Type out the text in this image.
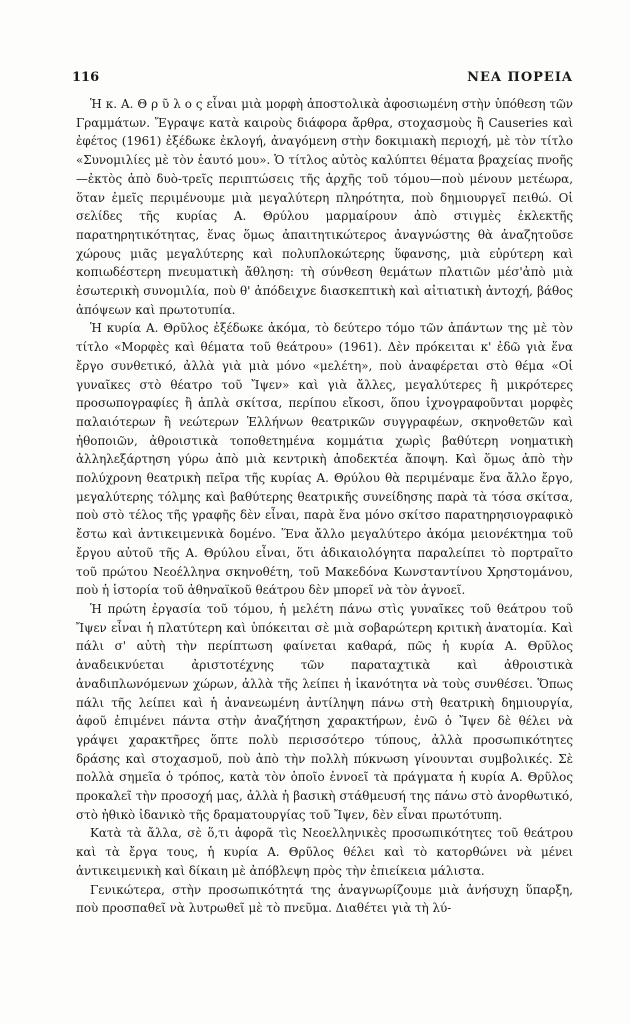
116	ΝΕΑ ΠΟΡΕΙΑ

Ἡ κ. Α. Θ ρ ῦ λ ο ς εἶναι μιὰ μορφὴ ἀποστολικὰ ἀφοσιωμένη στὴν ὑπόθεση τῶν Γραμμάτων. Ἔγραψε κατὰ καιροὺς διάφορα ἄρθρα, στοχασμοὺς ἢ Causeries καὶ ἐφέτος (1961) ἐξέδωκε ἐκλογή, ἀναγόμενη στὴν δοκιμιακὴ περιοχή, μὲ τὸν τίτλο «Συνομιλίες μὲ τὸν ἑαυτό μου». Ὁ τίτλος αὐτὸς καλύπτει θέματα βραχείας πνοῆς—ἐκτὸς ἀπὸ δυὸ-τρεῖς περιπτώσεις τῆς ἀρχῆς τοῦ τόμου—ποὺ μένουν μετέωρα, ὅταν ἐμεῖς περιμένουμε μιὰ μεγαλύτερη πληρότητα, ποὺ δημιουργεῖ πειθώ. Οἱ σελίδες τῆς κυρίας Α. Θρύλου μαρμαίρουν ἀπὸ στιγμὲς ἐκλεκτῆς παρατηρητικότητας, ἕνας ὅμως ἀπαιτητικώτερος ἀναγνώστης θὰ ἀναζητοῦσε χώρους μιᾶς μεγαλύτερης καὶ πολυπλοκώτερης ὕφανσης, μιὰ εὐρύτερη καὶ κοπιωδέστερη πνευματικὴ ἄθληση: τὴ σύνθεση θεμάτων πλατιῶν μέσ'ἀπὸ μιὰ ἐσωτερικὴ συνομιλία, ποὺ θ' ἀπόδειχνε διασκεπτικὴ καὶ αἰτιατικὴ ἀντοχή, βάθος ἀπόψεων καὶ πρωτοτυπία.

Ἡ κυρία Α. Θρῦλος ἐξέδωκε ἀκόμα, τὸ δεύτερο τόμο τῶν ἀπάντων της μὲ τὸν τίτλο «Μορφὲς καὶ θέματα τοῦ θεάτρου» (1961). Δὲν πρόκειται κ' ἐδῶ γιὰ ἕνα ἔργο συνθετικό, ἀλλὰ γιὰ μιὰ μόνο «μελέτη», ποὺ ἀναφέρεται στὸ θέμα «Οἱ γυναῖκες στὸ θέατρο τοῦ Ἴψεν» καὶ γιὰ ἄλλες, μεγαλύτερες ἢ μικρότερες προσωπογραφίες ἢ ἁπλὰ σκίτσα, περίπου εἴκοσι, ὅπου ἰχνογραφοῦνται μορφὲς παλαιότερων ἢ νεώτερων Ἑλλήνων θεατρικῶν συγγραφέων, σκηνοθετῶν καὶ ἠθοποιῶν, ἀθροιστικὰ τοποθετημένα κομμάτια χωρὶς βαθύτερη νοηματικὴ ἀλληλεξάρτηση γύρω ἀπὸ μιὰ κεντρικὴ ἀποδεκτέα ἄποψη. Καὶ ὅμως ἀπὸ τὴν πολύχρονη θεατρικὴ πεῖρα τῆς κυρίας Α. Θρύλου θὰ περιμέναμε ἕνα ἄλλο ἔργο, μεγαλύτερης τόλμης καὶ βαθύτερης θεατρικῆς συνείδησης παρὰ τὰ τόσα σκίτσα, ποὺ στὸ τέλος τῆς γραφῆς δὲν εἶναι, παρὰ ἕνα μόνο σκίτσο παρατηρησιογραφικὸ ἔστω καὶ ἀντικειμενικὰ δομένο. Ἕνα ἄλλο μεγαλύτερο ἀκόμα μειονέκτημα τοῦ ἔργου αὐτοῦ τῆς Α. Θρύλου εἶναι, ὅτι ἀδικαιολόγητα παραλείπει τὸ πορτραῖτο τοῦ πρώτου Νεοέλληνα σκηνοθέτη, τοῦ Μακεδόνα Κωνσταντίνου Χρηστομάνου, ποὺ ἡ ἱστορία τοῦ ἀθηναϊκοῦ θεάτρου δὲν μπορεῖ νὰ τὸν ἀγνοεῖ.

Ἡ πρώτη ἐργασία τοῦ τόμου, ἡ μελέτη πάνω στὶς γυναῖκες τοῦ θεάτρου τοῦ Ἴψεν εἶναι ἡ πλατύτερη καὶ ὑπόκειται σὲ μιὰ σοβαρώτερη κριτικὴ ἀνατομία. Καὶ πάλι σ' αὐτὴ τὴν περίπτωση φαίνεται καθαρά, πῶς ἡ κυρία Α. Θρῦλος ἀναδεικνύεται ἀριστοτέχνης τῶν παραταχτικὰ καὶ ἀθροιστικὰ ἀναδιπλωνόμενων χώρων, ἀλλὰ τῆς λείπει ἡ ἱκανότητα νὰ τοὺς συνθέσει. Ὅπως πάλι τῆς λείπει καὶ ἡ ἀνανεωμένη ἀντίληψη πάνω στὴ θεατρικὴ δημιουργία, ἀφοῦ ἐπιμένει πάντα στὴν ἀναζήτηση χαρακτήρων, ἐνῶ ὁ Ἴψεν δὲ θέλει νὰ γράψει χαρακτῆρες ὅπτε πολὺ περισσότερο τύπους, ἀλλὰ προσωπικότητες δράσης καὶ στοχασμοῦ, ποὺ ἀπὸ τὴν πολλὴ πύκνωση γίνουνται συμβολικές. Σὲ πολλὰ σημεῖα ὁ τρόπος, κατὰ τὸν ὁποῖο ἐννοεῖ τὰ πράγματα ἡ κυρία Α. Θρῦλος προκαλεῖ τὴν προσοχή μας, ἀλλὰ ἡ βασικὴ στάθμευσή της πάνω στὸ ἀνορθωτικό, στὸ ἠθικὸ ἰδανικὸ τῆς δραματουργίας τοῦ Ἴψεν, δὲν εἶναι πρωτότυπη.

Κατὰ τὰ ἄλλα, σὲ ὅ,τι ἀφορᾶ τὶς Νεοελληνικὲς προσωπικότητες τοῦ θεάτρου καὶ τὰ ἔργα τους, ἡ κυρία Α. Θρῦλος θέλει καὶ τὸ κατορθώνει νὰ μένει ἀντικειμενικὴ καὶ δίκαιη μὲ ἀπόβλεψη πρὸς τὴν ἐπιείκεια μάλιστα.

Γενικώτερα, στὴν προσωπικότητά της ἀναγνωρίζουμε μιὰ ἀνήσυχη ὕπαρξη, ποὺ προσπαθεῖ νὰ λυτρωθεῖ μὲ τὸ πνεῦμα. Διαθέτει γιὰ τὴ λύ-
